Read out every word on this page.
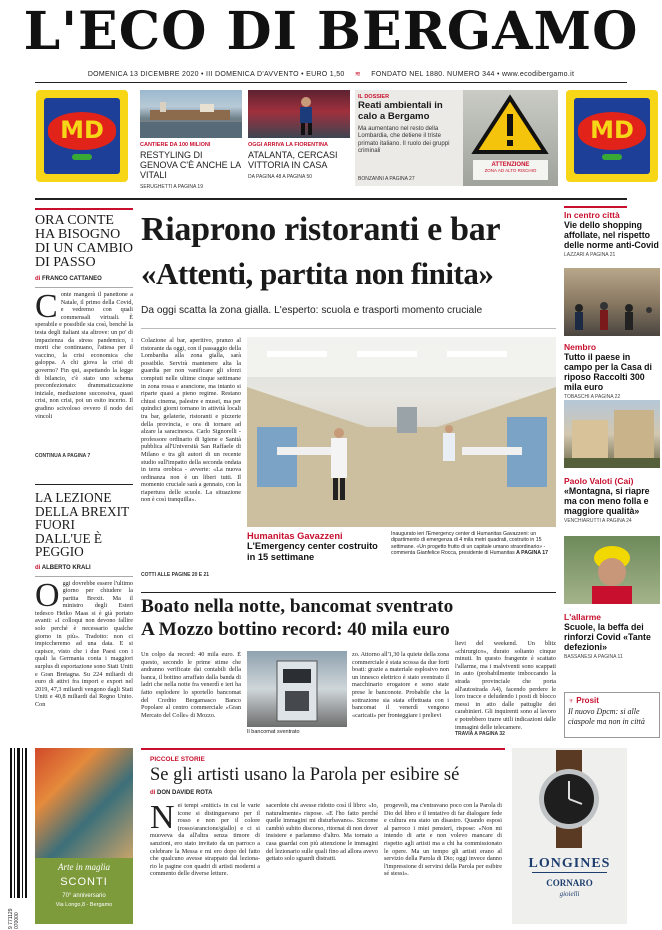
L'ECO DI BERGAMO
DOMENICA 13 DICEMBRE 2020 • III DOMENICA D'AVVENTO • EURO 1,50 ≋ FONDATO NEL 1880. NUMERO 344 • www.ecodibergamo.it
MD	MD
CANTIERE DA 100 MILIONI
RESTYLING DI GENOVA C'È ANCHE LA VITALI
SERUGHETTI A PAGINA 19
OGGI ARRIVA LA FIORENTINA
ATALANTA, CERCASI VITTORIA IN CASA
DA PAGINA 48 A PAGINA 50
IL DOSSIER
Reati ambientali in calo a Bergamo
Ma aumentano nel resto della Lombardia, che detiene il triste primato italiano. Il ruolo dei gruppi criminali
BONZANNI A PAGINA 27
ATTENZIONE
ZONA AD ALTO RISCHIO
ORA CONTE HA BISOGNO DI UN CAMBIO DI PASSO
di FRANCO CATTANEO
Conte mangerà il panettone a Natale, il primo della Covid, e vedremo con quali commensali virtuali. È sperabile e possibile sia così, benché la testa degli italiani sia altrove: un po' di impazienza da stress pandemico, i morti che continuano, l'attesa per il vaccino, la crisi economica che galoppa. A chi giova la crisi di governo? Fin qui, aspettando la legge di bilancio, c'è stato uno schema preconfezionato: drammatizzazione iniziale, mediazione successiva, quasi crisi, non crisi, poi un esito incerto. Il gradino scivoloso ovvero il nodo dei vincoli
CONTINUA A PAGINA 7
LA LEZIONE DELLA BREXIT FUORI DALL'UE È PEGGIO
di ALBERTO KRALI
Oggi dovrebbe essere l'ultimo giorno per chiudere la partita Brexit. Ma il ministro degli Esteri tedesco Heiko Maas si è già portato avanti: «I colloqui non devono fallire solo perché è necessario qualche giorno in più». Tradotto: non ci impiccheremo ad una data. E si capisce, visto che i due Paesi con i quali la Germania conta i maggiori surplus di esportazione sono Stati Uniti e Gran Bretagna. Su 224 miliardi di euro di attivi fra import e export nel 2019, 47,3 miliardi vengono dagli Stati Uniti e 40,8 miliardi dal Regno Unito. Con
Riaprono ristoranti e bar
«Attenti, partita non finita»
Da oggi scatta la zona gialla. L'esperto: scuola e trasporti momento cruciale
Colazione al bar, aperitivo, pranzo al ristorante da oggi, con il passaggio della Lombardia alla zona gialla, sarà possibile. Servirà mantenere alta la guardia per non vanificare gli sforzi compiuti nelle ultime cinque settimane in zona rossa e arancione, ma intanto si riparte quasi a pieno regime. Restano chiusi cinema, palestre e musei, ma per quindici giorni tornano in attività locali tra bar, gelaterie, ristoranti e pizzerie della provincia, e ora di tornare ad alzare la saracinesca. Carlo Signorelli - professore ordinario di Igiene e Sanità pubblica all'Università San Raffaele di Milano e tra gli autori di un recente studio sull'impatto della seconda ondata in terra orobica - avverte: «La nuova ordinanza non è un liberi tutti. Il momento cruciale sarà a gennaio, con la riapertura delle scuole. La situazione non è così tranquilla».
COTTI ALLE PAGINE 20 E 21
Humanitas Gavazzeni
L'Emergency center costruito in 15 settimane
Inaugurato ieri l'Emergency center di Humanitas Gavazzeni: un dipartimento di emergenza di 4 mila metri quadrati, costruito in 15 settimane. «Un progetto frutto di un capitale umano straordinario» - commenta Gianfelice Rocca, presidente di Humanitas A PAGINA 17
Boato nella notte, bancomat sventrato
A Mozzo bottino record: 40 mila euro
Un colpo da record: 40 mila euro. È questo, secondo le prime stime che andranno verificate dai contabili della banca, il bottino arraffato dalla banda di ladri che nella notte fra venerdì e ieri ha fatto esplodere lo sportello bancomat del Credito Bergamasco Banco Popolare al centro commerciale «Gran Mercato del Colle» di Mozzo.
Il bancomat sventrato
zo. Attorno all'1,30 la quiete della zona commerciale è stata scossa da due forti boati: grazie a materiale esplosivo non un innesco elettrico è stato sventrato il macchinario erogatore e sono state prese le banconote. Probabile che la sottrazione sia stata effettuata con i bancomat il venerdì vengono «caricati» per fronteggiare i prelievi
lievi del weekend. Un blitz «chirurgico», durato soltanto cinque minuti. In questo frangente è scattato l'allarme, ma i malviventi sono scappati in auto (probabilmente imboccando la strada provinciale che porta all'autostrada A4), facendo perdere le loro tracce e deludendo i posti di blocco messi in atto dalle pattuglie dei carabinieri. Gli inquirenti sono al lavoro e potrebbero trarre utili indicazioni dalle immagini delle telecamere.
TRAVIA A PAGINA 32
In centro città
Vie dello shopping affollate, nel rispetto delle norme anti-Covid
LAZZARI A PAGINA 21
Nembro
Tutto il paese in campo per la Casa di riposo Raccolti 300 mila euro
TOBASCHI A PAGINA 22
Paolo Valoti (Cai)
«Montagna, si riapre ma con meno folla e maggiore qualità»
VENCHIARUTTI A PAGINA 24
L'allarme
Scuole, la beffa dei rinforzi Covid «Tante defezioni»
BASSANESI A PAGINA 11
♆ Prosit
Il nuovo Dpcm: si alle ciaspole ma non in città
Arte in maglia
SCONTI
70° anniversario
Via Longo,8 - Bergamo
9 771129 070000
PICCOLE STORIE
Se gli artisti usano la Parola per esibire sé
di DON DAVIDE ROTA
Nei tempi «mitici» in cui le varie icone si distinguevano per il rosso e non per il colore (rosso/arancione/giallo) e ci si muoveva da all'altra senza timore di sanzioni, ero stato invitato da un parroco a celebrare la Messa e mi ero dopo del fatto che qualcuno avesse strappato dal lezionario le pagine con quadri di artisti moderni a commento delle diverse letture.
sacerdote chi avesse ridotto così il libro: «Io, naturalmente» rispose. «E l'ho fatto perché quelle immagini mi disturbavano». Siccome cambiò subito discorso, ritornai di non dover insistere e parlammo d'altro. Ma tornato a casa guardai con più attenzione le immagini del lezionario sulle quali fino ad allora avevo gettato solo sguardi distratti.
progevoli, ma c'entravano poco con la Parola di Dio del libro e il tentativo di far dialogare fede e cultura era stato un disastro. Quando esposi al parroco i miei pensieri, rispose: «Non mi intendo di arte e non volevo mancare di rispetto agli artisti ma a chi ha commissionato le opere. Ma un tempo gli artisti erano al servizio della Parola di Dio; oggi invece danno l'impressione di servirsi della Parola per esibire sé stessi».
LONGINES
CORNARO
gioielli
